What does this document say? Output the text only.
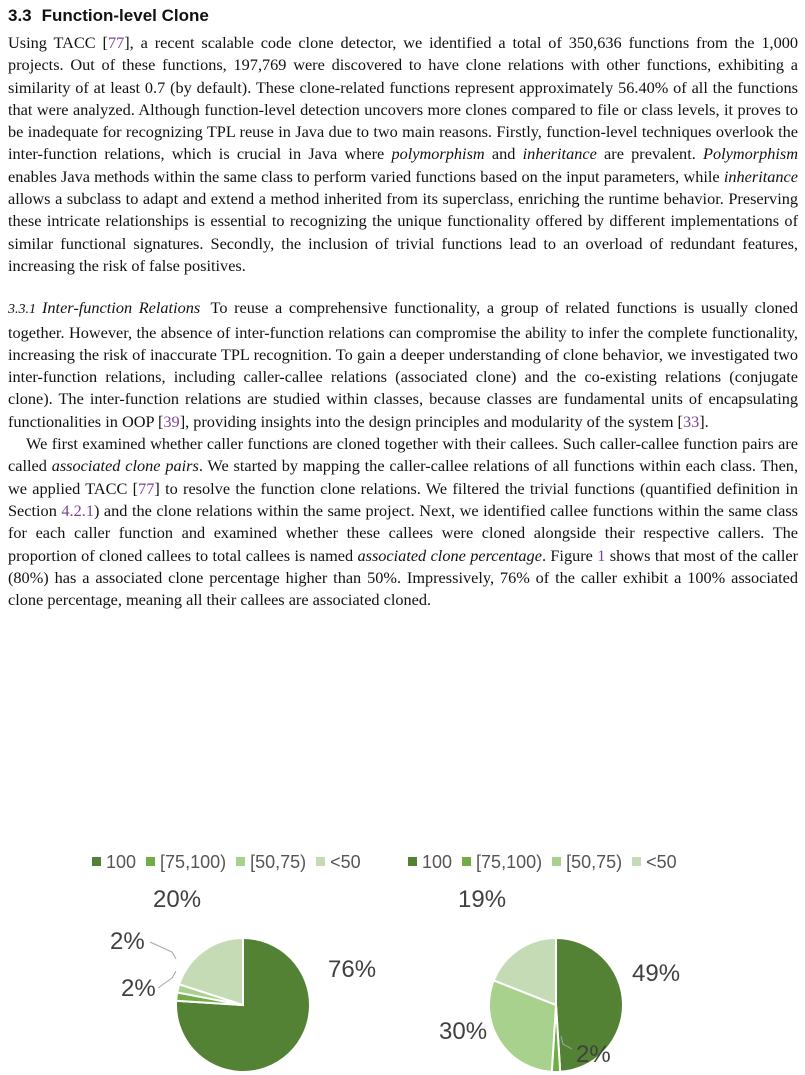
3.3 Function-level Clone

Using TACC [77], a recent scalable code clone detector, we identified a total of 350,636 functions from the 1,000 projects. Out of these functions, 197,769 were discovered to have clone relations with other functions, exhibiting a similarity of at least 0.7 (by default). These clone-related functions represent approximately 56.40% of all the functions that were analyzed. Although function-level detection uncovers more clones compared to file or class levels, it proves to be inadequate for recognizing TPL reuse in Java due to two main reasons. Firstly, function-level techniques overlook the inter-function relations, which is crucial in Java where polymorphism and inheritance are prevalent. Polymorphism enables Java methods within the same class to perform varied functions based on the input parameters, while inheritance allows a subclass to adapt and extend a method inherited from its superclass, enriching the runtime behavior. Preserving these intricate relationships is essential to recognizing the unique functionality offered by different implementations of similar functional signatures. Secondly, the inclusion of trivial functions lead to an overload of redundant features, increasing the risk of false positives.

3.3.1 Inter-function Relations To reuse a comprehensive functionality, a group of related functions is usually cloned together. However, the absence of inter-function relations can compromise the ability to infer the complete functionality, increasing the risk of inaccurate TPL recognition. To gain a deeper understanding of clone behavior, we investigated two inter-function relations, including caller-callee relations (associated clone) and the co-existing relations (conjugate clone). The inter-function relations are studied within classes, because classes are fundamental units of encapsulating functionalities in OOP [39], providing insights into the design principles and modularity of the system [33].

We first examined whether caller functions are cloned together with their callees. Such caller-callee function pairs are called associated clone pairs. We started by mapping the caller-callee relations of all functions within each class. Then, we applied TACC [77] to resolve the function clone relations. We filtered the trivial functions (quantified definition in Section 4.2.1) and the clone relations within the same project. Next, we identified callee functions within the same class for each caller function and examined whether these callees were cloned alongside their respective callers. The proportion of cloned callees to total callees is named associated clone percentage. Figure 1 shows that most of the caller (80%) has a associated clone percentage higher than 50%. Impressively, 76% of the caller exhibit a 100% associated clone percentage, meaning all their callees are associated cloned.

100 [75,100) [50,75) <50
76%
2%
2%
20%
100 [75,100) [50,75) <50
49%
2%
30%
19%
